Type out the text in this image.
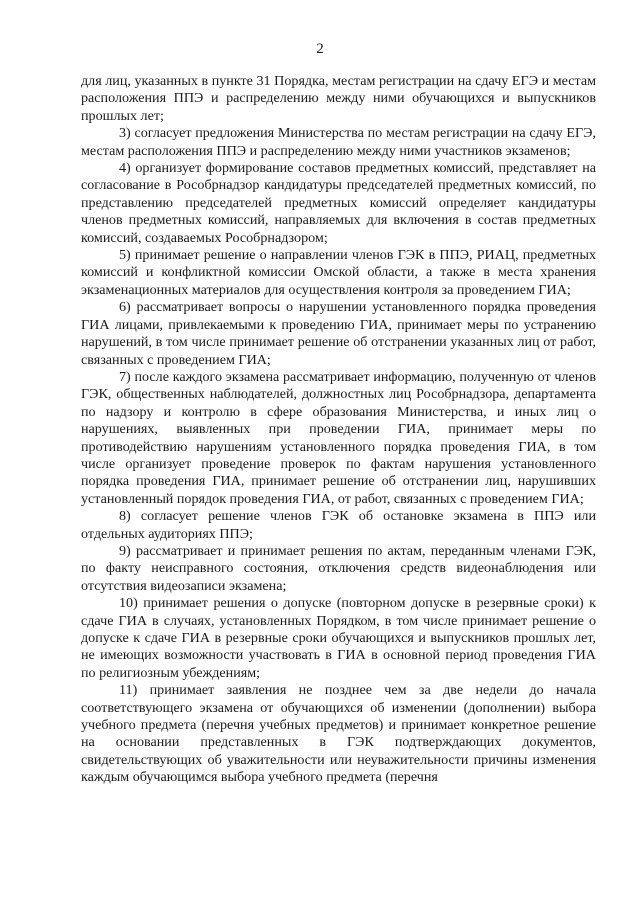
2

для лиц, указанных в пункте 31 Порядка, местам регистрации на сдачу ЕГЭ и местам расположения ППЭ и распределению между ними обучающихся и выпускников прошлых лет;

3) согласует предложения Министерства по местам регистрации на сдачу ЕГЭ, местам расположения ППЭ и распределению между ними участников экзаменов;

4) организует формирование составов предметных комиссий, представляет на согласование в Рособрнадзор кандидатуры председателей предметных комиссий, по представлению председателей предметных комиссий определяет кандидатуры членов предметных комиссий, направляемых для включения в состав предметных комиссий, создаваемых Рособрнадзором;

5) принимает решение о направлении членов ГЭК в ППЭ, РИАЦ, предметных комиссий и конфликтной комиссии Омской области, а также в места хранения экзаменационных материалов для осуществления контроля за проведением ГИА;

6) рассматривает вопросы о нарушении установленного порядка проведения ГИА лицами, привлекаемыми к проведению ГИА, принимает меры по устранению нарушений, в том числе принимает решение об отстранении указанных лиц от работ, связанных с проведением ГИА;

7) после каждого экзамена рассматривает информацию, полученную от членов ГЭК, общественных наблюдателей, должностных лиц Рособрнадзора, департамента по надзору и контролю в сфере образования Министерства, и иных лиц о нарушениях, выявленных при проведении ГИА, принимает меры по противодействию нарушениям установленного порядка проведения ГИА, в том числе организует проведение проверок по фактам нарушения установленного порядка проведения ГИА, принимает решение об отстранении лиц, нарушивших установленный порядок проведения ГИА, от работ, связанных с проведением ГИА;

8) согласует решение членов ГЭК об остановке экзамена в ППЭ или отдельных аудиториях ППЭ;

9) рассматривает и принимает решения по актам, переданным членами ГЭК, по факту неисправного состояния, отключения средств видеонаблюдения или отсутствия видеозаписи экзамена;

10) принимает решения о допуске (повторном допуске в резервные сроки) к сдаче ГИА в случаях, установленных Порядком, в том числе принимает решение о допуске к сдаче ГИА в резервные сроки обучающихся и выпускников прошлых лет, не имеющих возможности участвовать в ГИА в основной период проведения ГИА по религиозным убеждениям;

11) принимает заявления не позднее чем за две недели до начала соответствующего экзамена от обучающихся об изменении (дополнении) выбора учебного предмета (перечня учебных предметов) и принимает конкретное решение на основании представленных в ГЭК подтверждающих документов, свидетельствующих об уважительности или неуважительности причины изменения каждым обучающимся выбора учебного предмета (перечня
